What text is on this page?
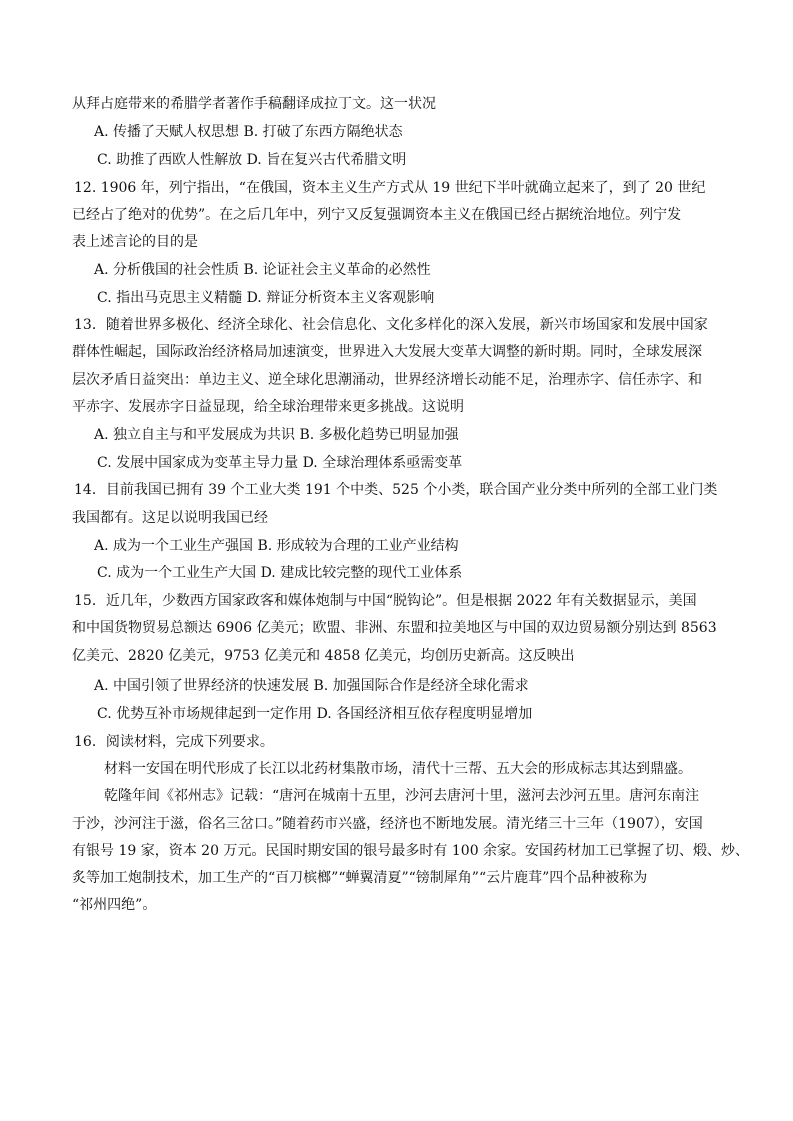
从拜占庭带来的希腊学者著作手稿翻译成拉丁文。这一状况
A. 传播了天赋人权思想 B. 打破了东西方隔绝状态
C. 助推了西欧人性解放 D. 旨在复兴古代希腊文明
12. 1906 年，列宁指出，“在俄国，资本主义生产方式从 19 世纪下半叶就确立起来了，到了 20 世纪
已经占了绝对的优势”。在之后几年中，列宁又反复强调资本主义在俄国已经占据统治地位。列宁发
表上述言论的目的是
A. 分析俄国的社会性质 B. 论证社会主义革命的必然性
C. 指出马克思主义精髓 D. 辩证分析资本主义客观影响
13．随着世界多极化、经济全球化、社会信息化、文化多样化的深入发展，新兴市场国家和发展中国家
群体性崛起，国际政治经济格局加速演变，世界进入大发展大变革大调整的新时期。同时，全球发展深
层次矛盾日益突出：单边主义、逆全球化思潮涌动，世界经济增长动能不足，治理赤字、信任赤字、和
平赤字、发展赤字日益显现，给全球治理带来更多挑战。这说明
A. 独立自主与和平发展成为共识 B. 多极化趋势已明显加强
C. 发展中国家成为变革主导力量 D. 全球治理体系亟需变革
14．目前我国已拥有 39 个工业大类 191 个中类、525 个小类，联合国产业分类中所列的全部工业门类
我国都有。这足以说明我国已经
A. 成为一个工业生产强国 B. 形成较为合理的工业产业结构
C. 成为一个工业生产大国 D. 建成比较完整的现代工业体系
15．近几年，少数西方国家政客和媒体炮制与中国“脱钩论”。但是根据 2022 年有关数据显示，美国
和中国货物贸易总额达 6906 亿美元；欧盟、非洲、东盟和拉美地区与中国的双边贸易额分别达到 8563
亿美元、2820 亿美元，9753 亿美元和 4858 亿美元，均创历史新高。这反映出
A. 中国引领了世界经济的快速发展 B. 加强国际合作是经济全球化需求
C. 优势互补市场规律起到一定作用 D. 各国经济相互依存程度明显增加
16．阅读材料，完成下列要求。
材料一安国在明代形成了长江以北药材集散市场，清代十三帮、五大会的形成标志其达到鼎盛。
乾隆年间《祁州志》记载：“唐河在城南十五里，沙河去唐河十里，滋河去沙河五里。唐河东南注
于沙，沙河注于滋，俗名三岔口。”随着药市兴盛，经济也不断地发展。清光绪三十三年（1907），安国
有银号 19 家，资本 20 万元。民国时期安国的银号最多时有 100 余家。安国药材加工已掌握了切、煅、炒、
炙等加工炮制技术，加工生产的“百刀槟榔”“蝉翼清夏”“镑制犀角”“云片鹿茸”四个品种被称为
“祁州四绝”。
